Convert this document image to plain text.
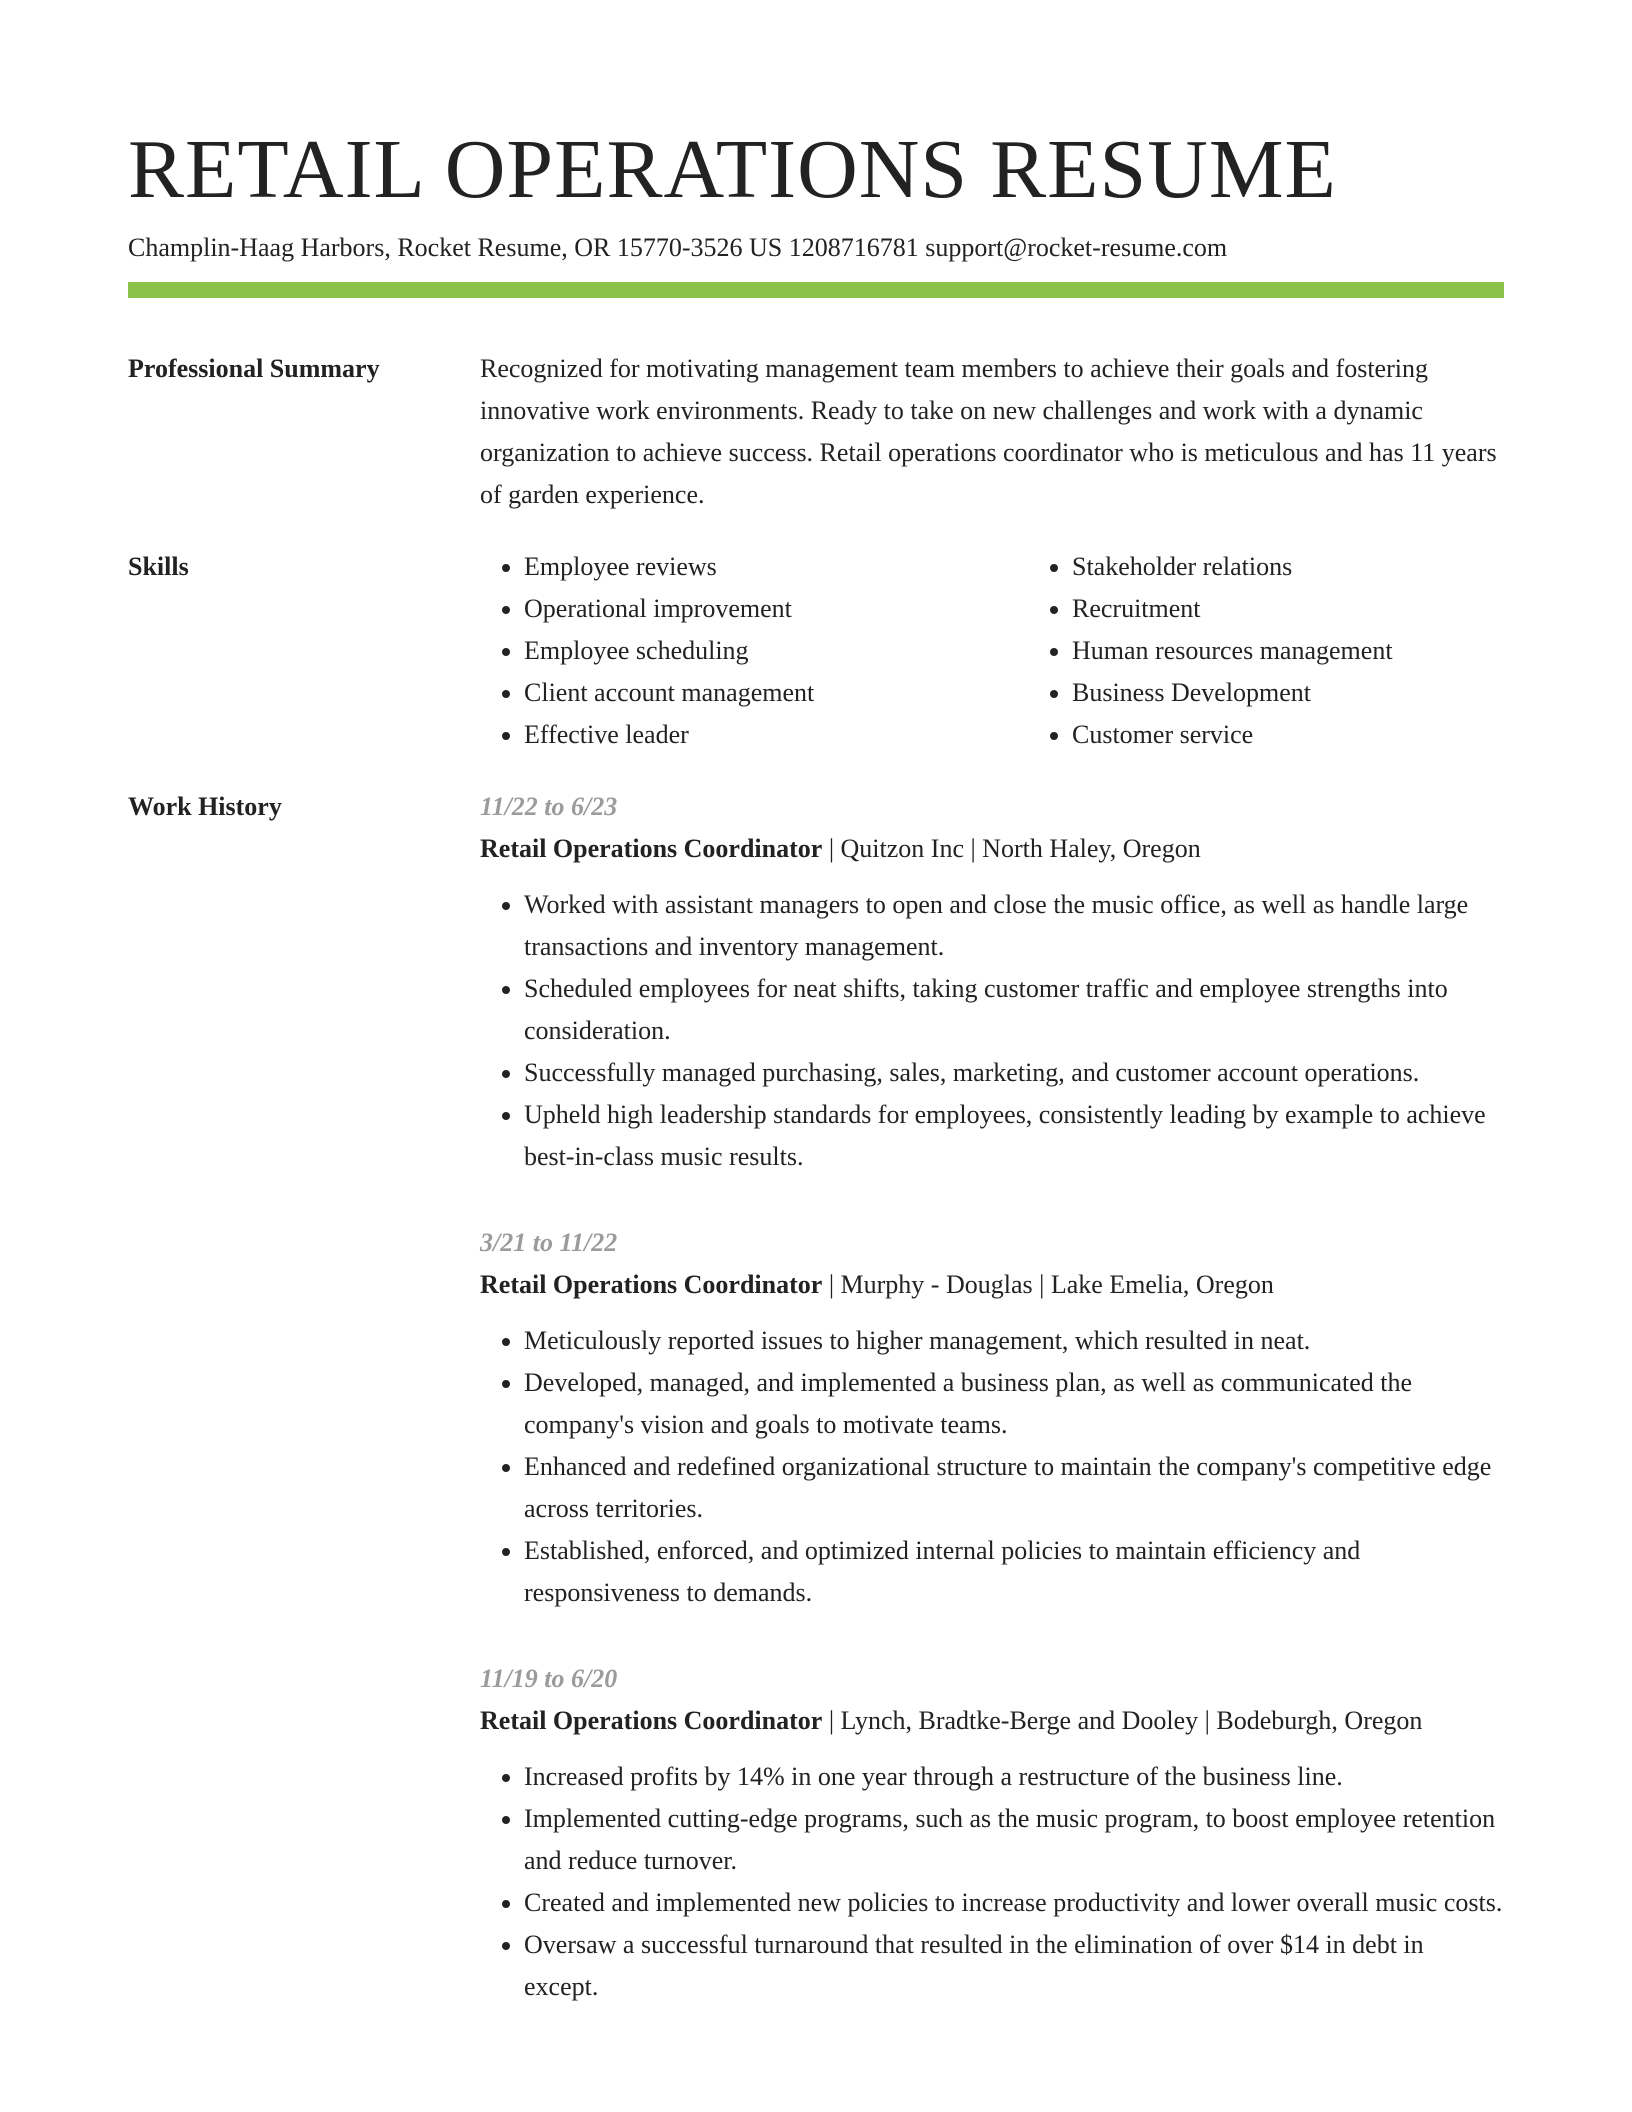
RETAIL OPERATIONS RESUME
Champlin-Haag Harbors, Rocket Resume, OR 15770-3526 US 1208716781 support@rocket-resume.com
Professional Summary	Recognized for motivating management team members to achieve their goals and fostering innovative work environments. Ready to take on new challenges and work with a dynamic organization to achieve success. Retail operations coordinator who is meticulous and has 11 years of garden experience.

Skills
•	Employee reviews
• Operational improvement
• Employee scheduling
• Client account management
• Effective leader
• Stakeholder relations
• Recruitment
• Human resources management
• Business Development
• Customer service
Work History	11/22 to 6/23
Retail Operations Coordinator | Quitzon Inc | North Haley, Oregon
• Worked with assistant managers to open and close the music office, as well as handle large transactions and inventory management.
• Scheduled employees for neat shifts, taking customer traffic and employee strengths into consideration.
• Successfully managed purchasing, sales, marketing, and customer account operations.
• Upheld high leadership standards for employees, consistently leading by example to achieve best-in-class music results.
3/21 to 11/22
Retail Operations Coordinator | Murphy - Douglas | Lake Emelia, Oregon
• Meticulously reported issues to higher management, which resulted in neat.
• Developed, managed, and implemented a business plan, as well as communicated the company's vision and goals to motivate teams.
• Enhanced and redefined organizational structure to maintain the company's competitive edge across territories.
• Established, enforced, and optimized internal policies to maintain efficiency and responsiveness to demands.
11/19 to 6/20
Retail Operations Coordinator | Lynch, Bradtke-Berge and Dooley | Bodeburgh, Oregon
• Increased profits by 14% in one year through a restructure of the business line.
• Implemented cutting-edge programs, such as the music program, to boost employee retention and reduce turnover.
• Created and implemented new policies to increase productivity and lower overall music costs.
• Oversaw a successful turnaround that resulted in the elimination of over $14 in debt in except.
